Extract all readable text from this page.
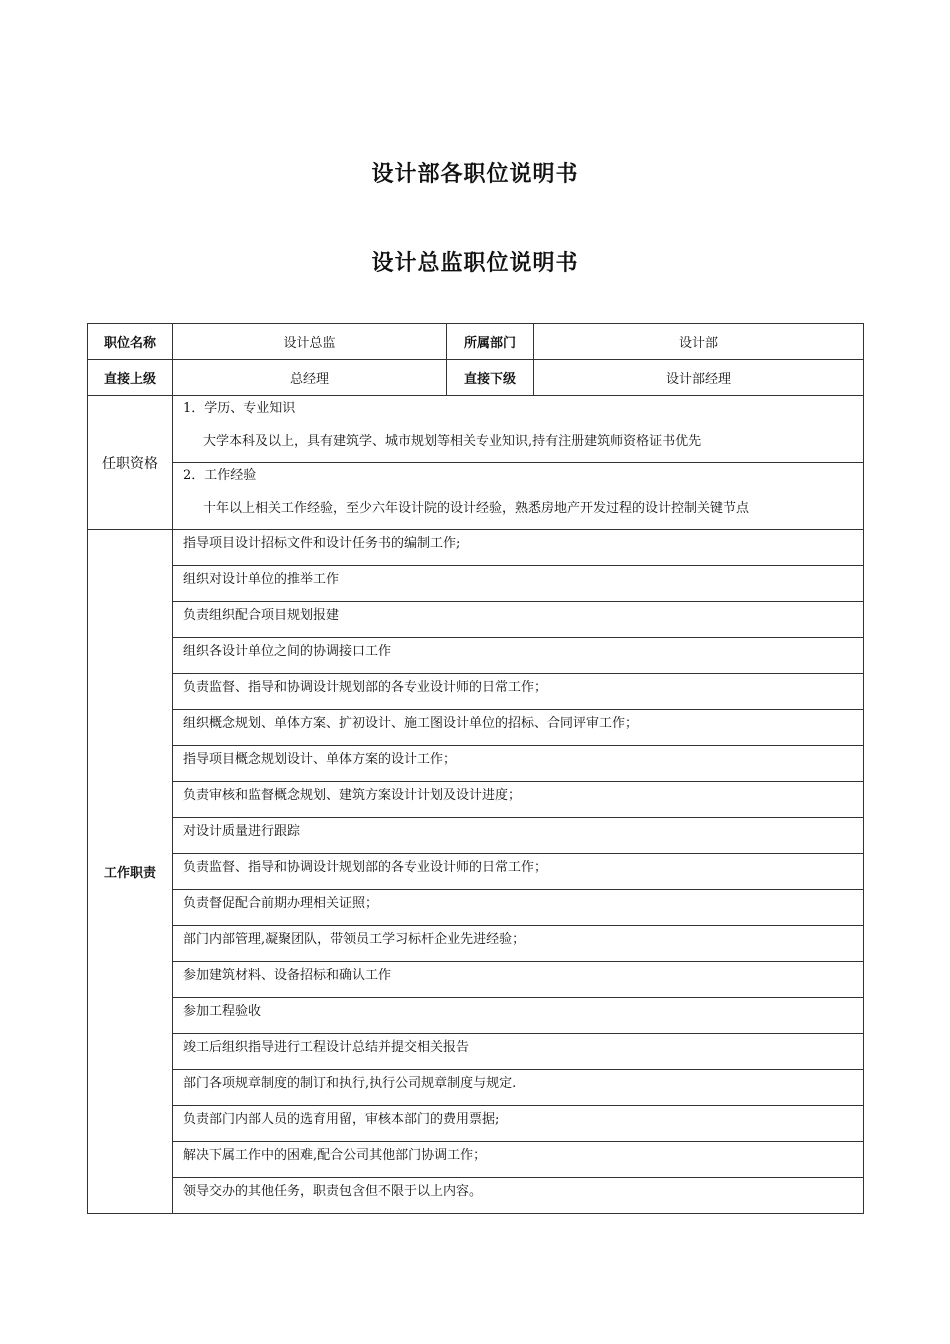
设计部各职位说明书
设计总监职位说明书
职位名称	设计总监	所属部门	设计部
直接上级	总经理	直接下级	设计部经理
任职资格	1．学历、专业知识
大学本科及以上，具有建筑学、城市规划等相关专业知识,持有注册建筑师资格证书优先		

	2．工作经验
十年以上相关工作经验，至少六年设计院的设计经验，熟悉房地产开发过程的设计控制关键节点		

工作职责	指导项目设计招标文件和设计任务书的编制工作;		

	组织对设计单位的推举工作		

	负责组织配合项目规划报建		

	组织各设计单位之间的协调接口工作		

	负责监督、指导和协调设计规划部的各专业设计师的日常工作；		

	组织概念规划、单体方案、扩初设计、施工图设计单位的招标、合同评审工作；		

	指导项目概念规划设计、单体方案的设计工作；		

	负责审核和监督概念规划、建筑方案设计计划及设计进度；		

	对设计质量进行跟踪		

	负责监督、指导和协调设计规划部的各专业设计师的日常工作；		

	负责督促配合前期办理相关证照；		

	部门内部管理,凝聚团队，带领员工学习标杆企业先进经验；		

	参加建筑材料、设备招标和确认工作		

	参加工程验收		

	竣工后组织指导进行工程设计总结并提交相关报告		

	部门各项规章制度的制订和执行,执行公司规章制度与规定.		

	负责部门内部人员的选育用留，审核本部门的费用票据;		

	解决下属工作中的困难,配合公司其他部门协调工作；		

	领导交办的其他任务，职责包含但不限于以上内容。		
